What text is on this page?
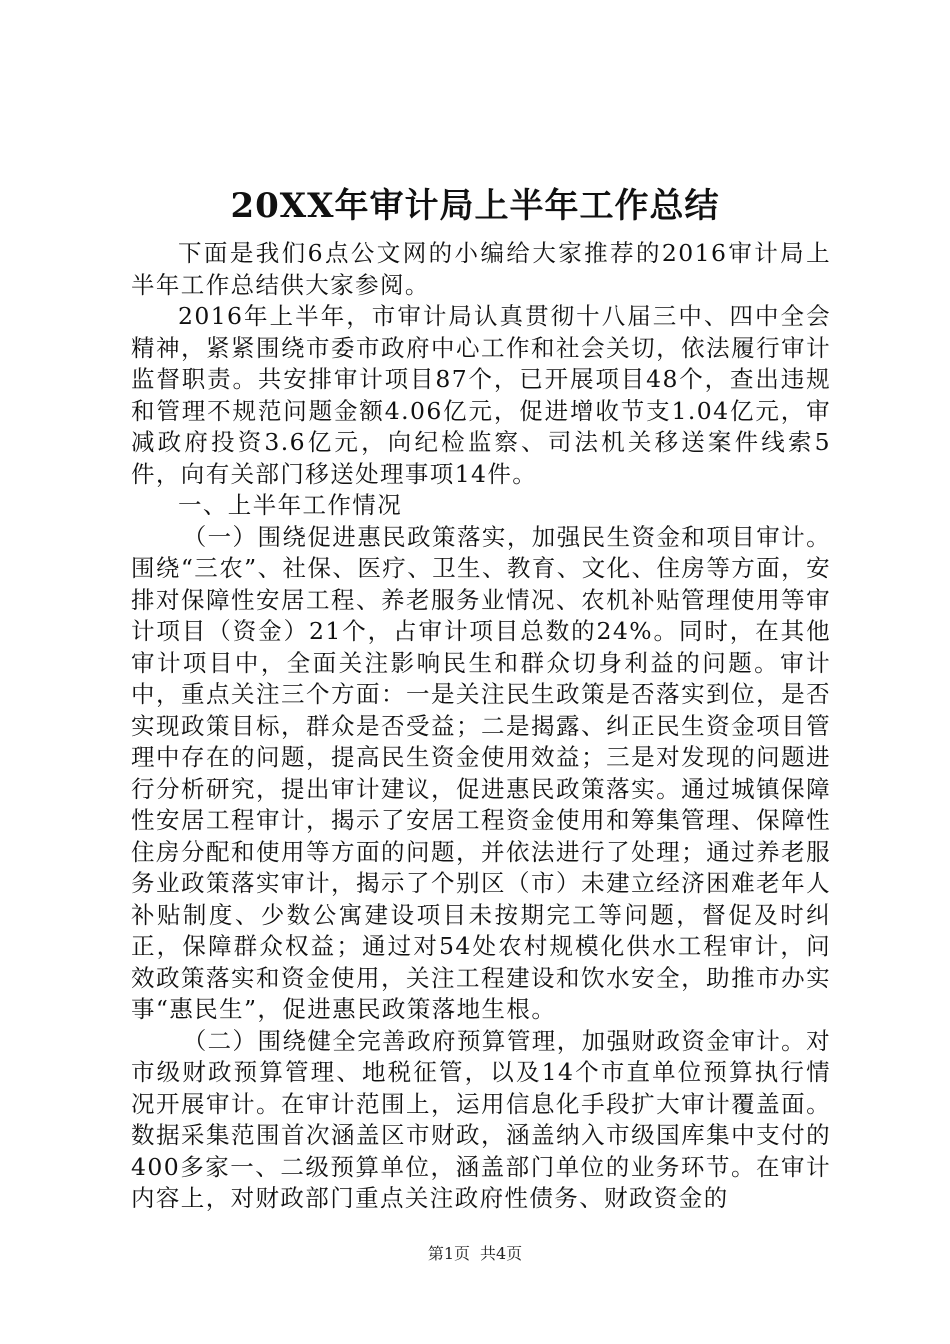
20XX年审计局上半年工作总结

下面是我们6点公文网的小编给大家推荐的2016审计局上半年工作总结供大家参阅。

2016年上半年，市审计局认真贯彻十八届三中、四中全会精神，紧紧围绕市委市政府中心工作和社会关切，依法履行审计监督职责。共安排审计项目87个，已开展项目48个，查出违规和管理不规范问题金额4.06亿元，促进增收节支1.04亿元，审减政府投资3.6亿元，向纪检监察、司法机关移送案件线索5件，向有关部门移送处理事项14件。

一、上半年工作情况

（一）围绕促进惠民政策落实，加强民生资金和项目审计。围绕“三农”、社保、医疗、卫生、教育、文化、住房等方面，安排对保障性安居工程、养老服务业情况、农机补贴管理使用等审计项目（资金）21个，占审计项目总数的24%。同时，在其他审计项目中，全面关注影响民生和群众切身利益的问题。审计中，重点关注三个方面：一是关注民生政策是否落实到位，是否实现政策目标，群众是否受益；二是揭露、纠正民生资金项目管理中存在的问题，提高民生资金使用效益；三是对发现的问题进行分析研究，提出审计建议，促进惠民政策落实。通过城镇保障性安居工程审计，揭示了安居工程资金使用和筹集管理、保障性住房分配和使用等方面的问题，并依法进行了处理；通过养老服务业政策落实审计，揭示了个别区（市）未建立经济困难老年人补贴制度、少数公寓建设项目未按期完工等问题，督促及时纠正，保障群众权益；通过对54处农村规模化供水工程审计，问效政策落实和资金使用，关注工程建设和饮水安全，助推市办实事“惠民生”，促进惠民政策落地生根。

（二）围绕健全完善政府预算管理，加强财政资金审计。对市级财政预算管理、地税征管，以及14个市直单位预算执行情况开展审计。在审计范围上，运用信息化手段扩大审计覆盖面。数据采集范围首次涵盖区市财政，涵盖纳入市级国库集中支付的400多家一、二级预算单位，涵盖部门单位的业务环节。在审计内容上，对财政部门重点关注政府性债务、财政资金的

第1页 共4页
